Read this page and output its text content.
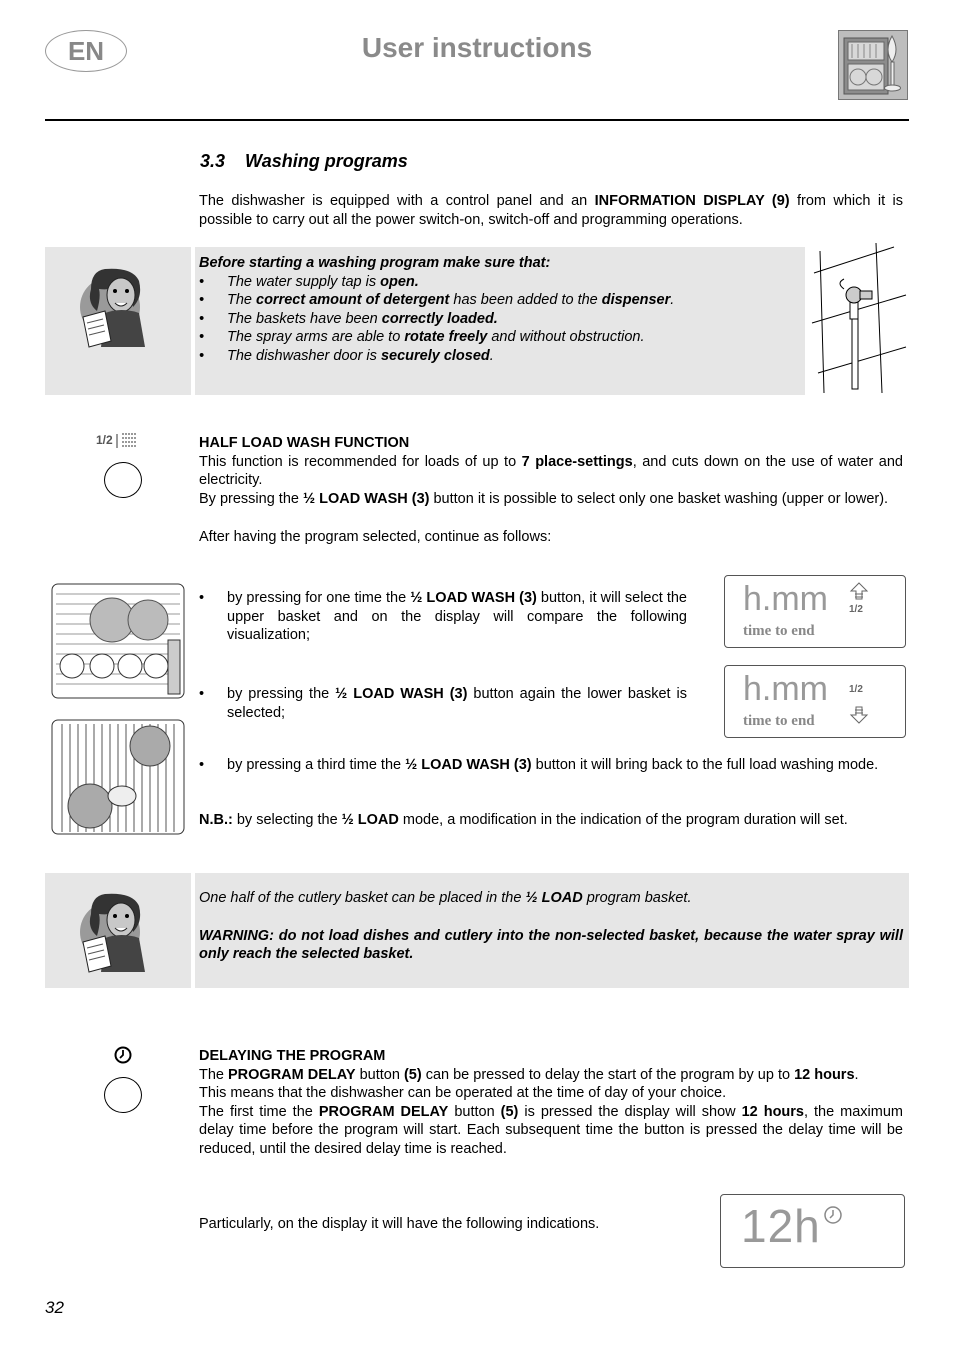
EN	User instructions
3.3 Washing programs
The dishwasher is equipped with a control panel and an INFORMATION DISPLAY (9) from which it is possible to carry out all the power switch-on, switch-off and programming operations.
Before starting a washing program make sure that:
• The water supply tap is open.
• The correct amount of detergent has been added to the dispenser.
• The baskets have been correctly loaded.
• The spray arms are able to rotate freely and without obstruction.
• The dishwasher door is securely closed.
1/2	HALF LOAD WASH FUNCTION
This function is recommended for loads of up to 7 place-settings, and cuts down on the use of water and electricity.
By pressing the ½ LOAD WASH (3) button it is possible to select only one basket washing (upper or lower).
After having the program selected, continue as follows:
• by pressing for one time the ½ LOAD WASH (3) button, it will select the upper basket and on the display will compare the following visualization;
• by pressing the ½ LOAD WASH (3) button again the lower basket is selected;
h.mm
time to end
1/2
h.mm
time to end
1/2
• by pressing a third time the ½ LOAD WASH (3) button it will bring back to the full load washing mode.
N.B.: by selecting the ½ LOAD mode, a modification in the indication of the program duration will set.
One half of the cutlery basket can be placed in the ½ LOAD program basket.
WARNING: do not load dishes and cutlery into the non-selected basket, because the water spray will only reach the selected basket.
DELAYING THE PROGRAM
The PROGRAM DELAY button (5) can be pressed to delay the start of the program by up to 12 hours.
This means that the dishwasher can be operated at the time of day of your choice.
The first time the PROGRAM DELAY button (5) is pressed the display will show 12 hours, the maximum delay time before the program will start. Each subsequent time the button is pressed the delay time will be reduced, until the desired delay time is reached.
Particularly, on the display it will have the following indications.	12h
32
